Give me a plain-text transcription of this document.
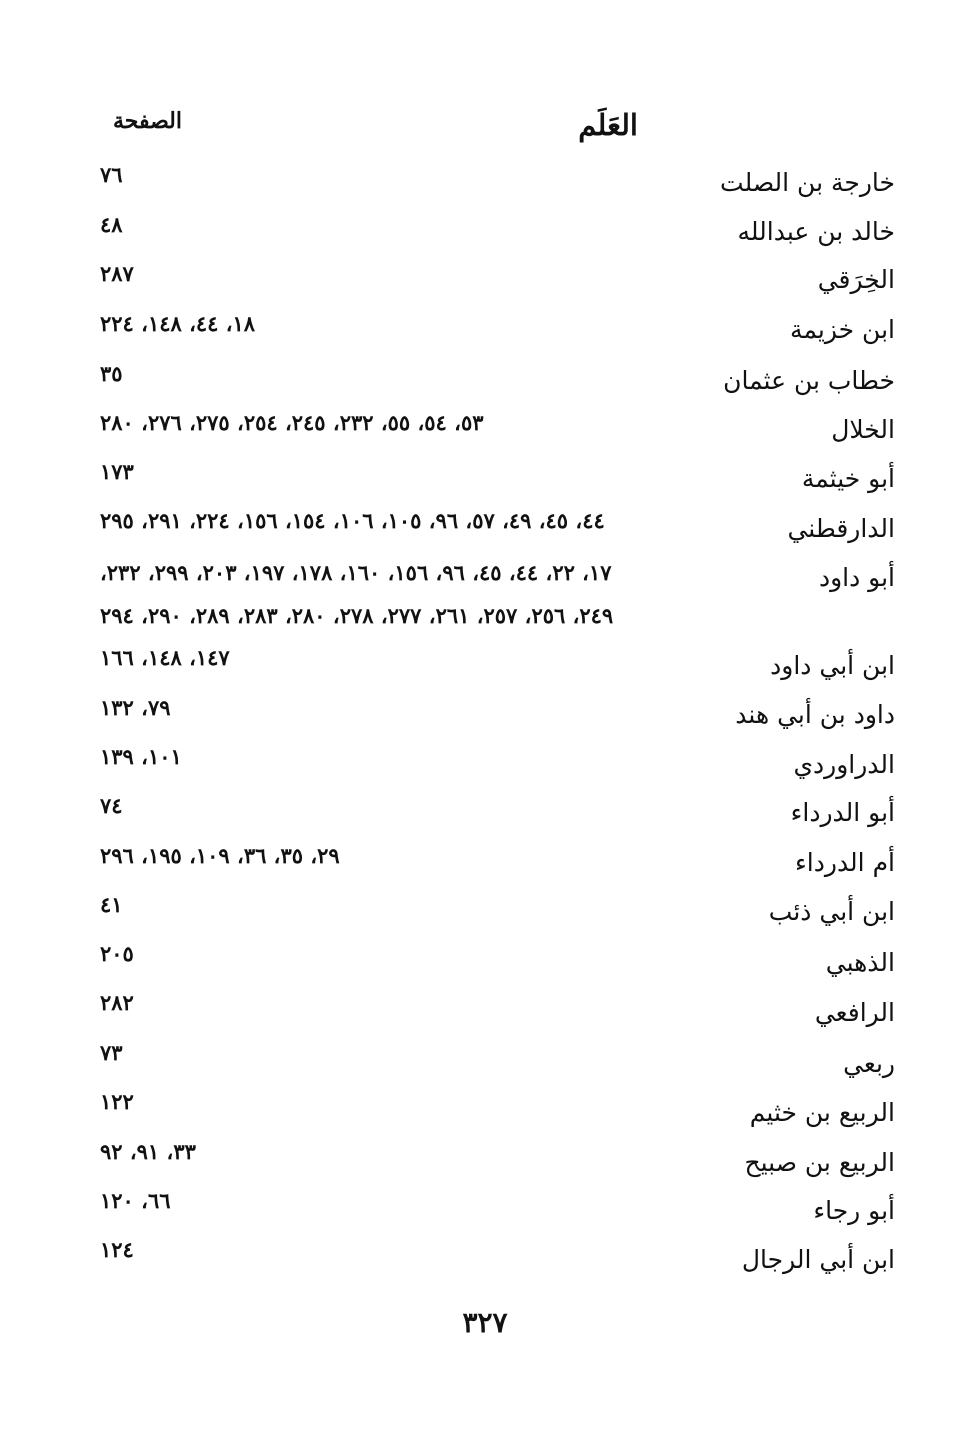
العَلَم
الصفحة
خارجة بن الصلت
٧٦
خالد بن عبدالله
٤٨
الخِرَقي
٢٨٧
ابن خزيمة
١٨، ٤٤، ١٤٨، ٢٢٤
خطاب بن عثمان
٣٥
الخلال
٥٣، ٥٤، ٥٥، ٢٣٢، ٢٤٥، ٢٥٤، ٢٧٥، ٢٧٦، ٢٨٠
أبو خيثمة
١٧٣
الدارقطني
٤٤، ٤٥، ٤٩، ٥٧، ٩٦، ١٠٥، ١٠٦، ١٥٤، ١٥٦، ٢٢٤، ٢٩١، ٢٩٥
أبو داود
١٧، ٢٢، ٤٤، ٤٥، ٩٦، ١٥٦، ١٦٠، ١٧٨، ١٩٧، ٢٠٣، ٢٩٩، ٢٣٢،
٢٤٩، ٢٥٦، ٢٥٧، ٢٦١، ٢٧٧، ٢٧٨، ٢٨٠، ٢٨٣، ٢٨٩، ٢٩٠، ٢٩٤
ابن أبي داود
١٤٧، ١٤٨، ١٦٦
داود بن أبي هند
٧٩، ١٣٢
الدراوردي
١٠١، ١٣٩
أبو الدرداء
٧٤
أم الدرداء
٢٩، ٣٥، ٣٦، ١٠٩، ١٩٥، ٢٩٦
ابن أبي ذئب
٤١
الذهبي
٢٠٥
الرافعي
٢٨٢
ربعي
٧٣
الربيع بن خثيم
١٢٢
الربيع بن صبيح
٣٣، ٩١، ٩٢
أبو رجاء
٦٦، ١٢٠
ابن أبي الرجال
١٢٤
٣٢٧
